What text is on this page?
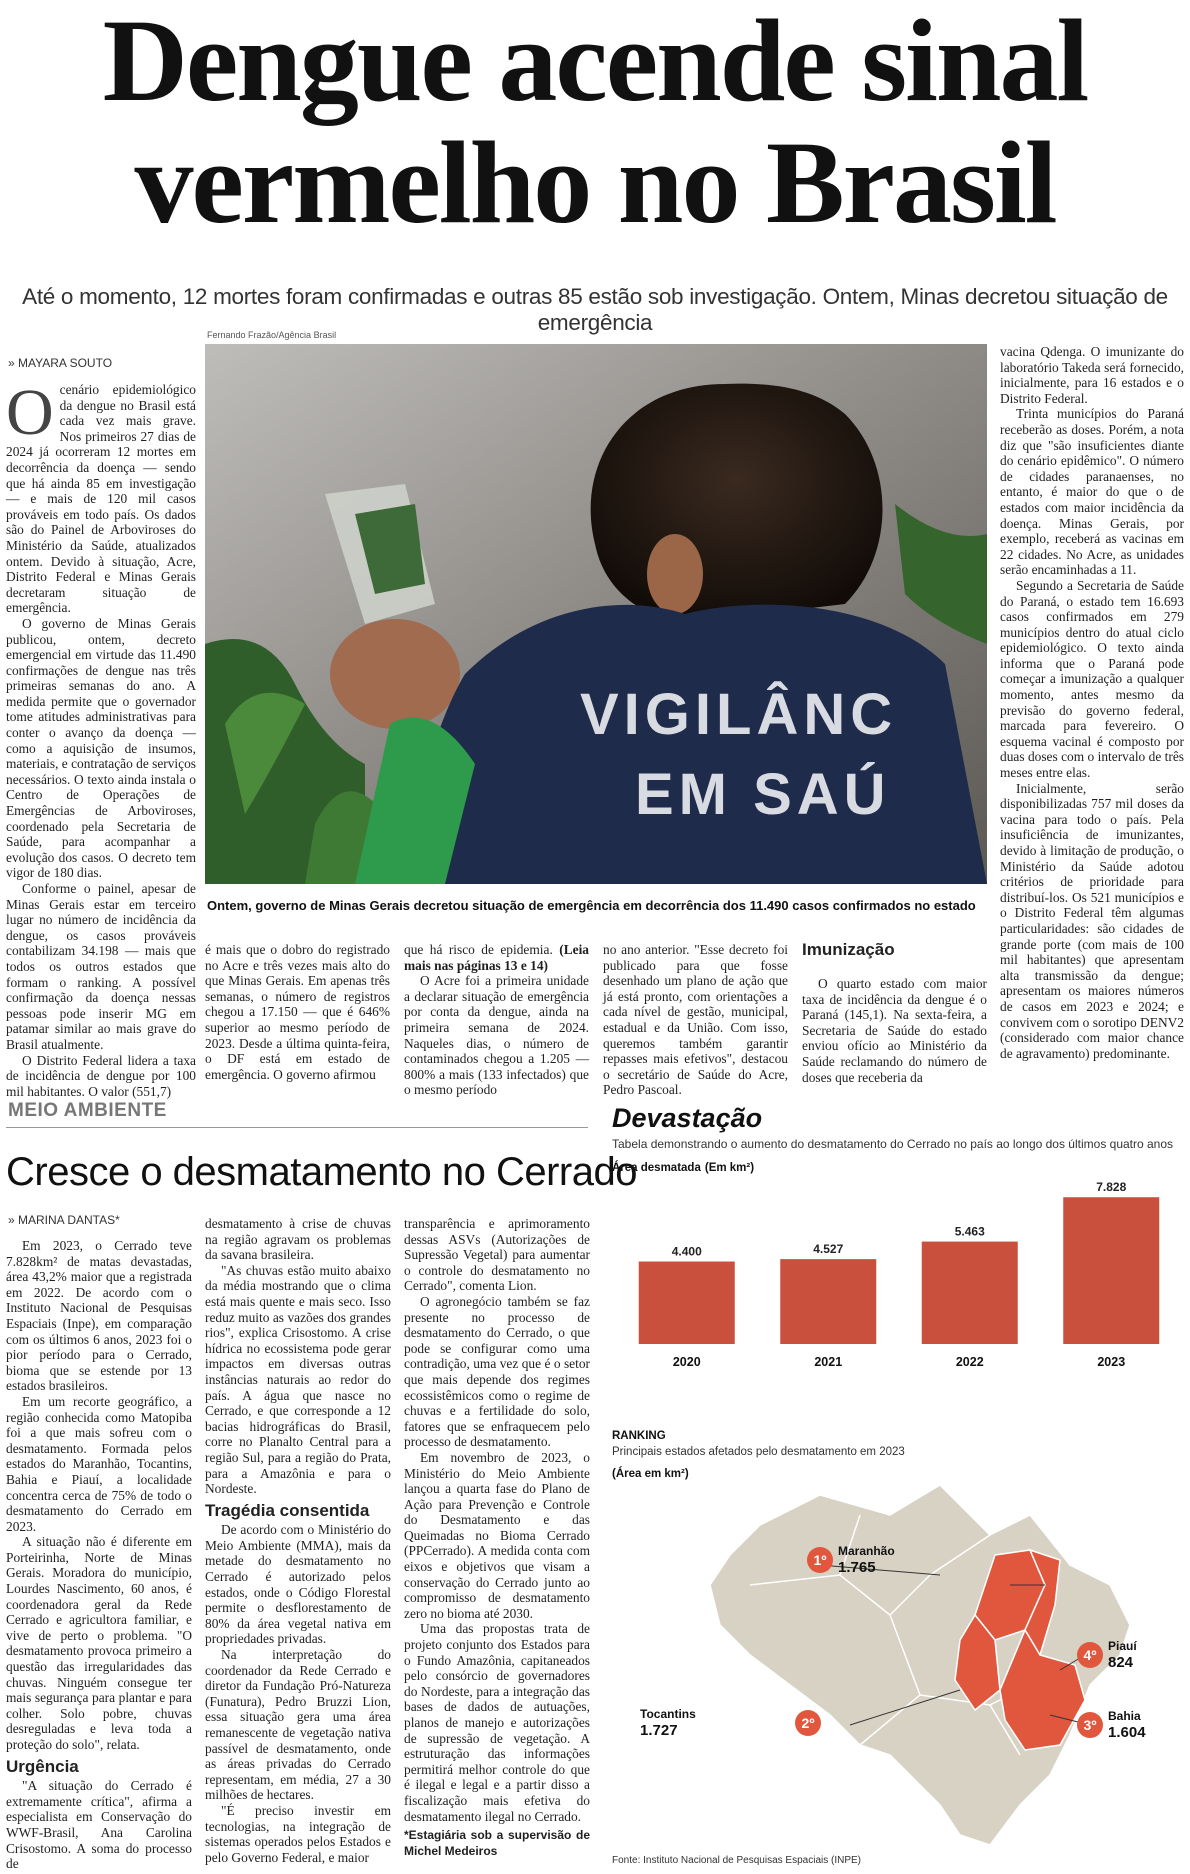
Dengue acende sinal
vermelho no Brasil
Até o momento, 12 mortes foram confirmadas e outras 85 estão sob investigação. Ontem, Minas decretou situação de emergência
» MAYARA SOUTO
O cenário epidemiológico da dengue no Brasil está cada vez mais grave. Nos primeiros 27 dias de 2024 já ocorreram 12 mortes em decorrência da doença — sendo que há ainda 85 em investigação — e mais de 120 mil casos prováveis em todo país. Os dados são do Painel de Arboviroses do Ministério da Saúde, atualizados ontem. Devido à situação, Acre, Distrito Federal e Minas Gerais decretaram situação de emergência.

O governo de Minas Gerais publicou, ontem, decreto emergencial em virtude das 11.490 confirmações de dengue nas três primeiras semanas do ano. A medida permite que o governador tome atitudes administrativas para conter o avanço da doença — como a aquisição de insumos, materiais, e contratação de serviços necessários. O texto ainda instala o Centro de Operações de Emergências de Arboviroses, coordenado pela Secretaria de Saúde, para acompanhar a evolução dos casos. O decreto tem vigor de 180 dias.

Conforme o painel, apesar de Minas Gerais estar em terceiro lugar no número de incidência da dengue, os casos prováveis contabilizam 34.198 — mais que todos os outros estados que formam o ranking. A possível confirmação da doença nessas pessoas pode inserir MG em patamar similar ao mais grave do Brasil atualmente.

O Distrito Federal lidera a taxa de incidência de dengue por 100 mil habitantes. O valor (551,7)

Fernando Frazão/Agência Brasil
VIGILÂNC
EM SAÚ
Ontem, governo de Minas Gerais decretou situação de emergência em decorrência dos 11.490 casos confirmados no estado

é mais que o dobro do registrado no Acre e três vezes mais alto do que Minas Gerais. Em apenas três semanas, o número de registros chegou a 17.150 — que é 646% superior ao mesmo período de 2023. Desde a última quinta-feira, o DF está em estado de emergência. O governo afirmou

que há risco de epidemia. (Leia mais nas páginas 13 e 14)

O Acre foi a primeira unidade a declarar situação de emergência por conta da dengue, ainda na primeira semana de 2024. Naqueles dias, o número de contaminados chegou a 1.205 — 800% a mais (133 infectados) que o mesmo período

no ano anterior. "Esse decreto foi publicado para que fosse desenhado um plano de ação que já está pronto, com orientações a cada nível de gestão, municipal, estadual e da União. Com isso, queremos também garantir repasses mais efetivos", destacou o secretário de Saúde do Acre, Pedro Pascoal.

Imunização

O quarto estado com maior taxa de incidência da dengue é o Paraná (145,1). Na sexta-feira, a Secretaria de Saúde do estado enviou ofício ao Ministério da Saúde reclamando do número de doses que receberia da

vacina Qdenga. O imunizante do laboratório Takeda será fornecido, inicialmente, para 16 estados e o Distrito Federal.

Trinta municípios do Paraná receberão as doses. Porém, a nota diz que "são insuficientes diante do cenário epidêmico". O número de cidades paranaenses, no entanto, é maior do que o de estados com maior incidência da doença. Minas Gerais, por exemplo, receberá as vacinas em 22 cidades. No Acre, as unidades serão encaminhadas a 11.

Segundo a Secretaria de Saúde do Paraná, o estado tem 16.693 casos confirmados em 279 municípios dentro do atual ciclo epidemiológico. O texto ainda informa que o Paraná pode começar a imunização a qualquer momento, antes mesmo da previsão do governo federal, marcada para fevereiro. O esquema vacinal é composto por duas doses com o intervalo de três meses entre elas.

Inicialmente, serão disponibilizadas 757 mil doses da vacina para todo o país. Pela insuficiência de imunizantes, devido à limitação de produção, o Ministério da Saúde adotou critérios de prioridade para distribuí-los. Os 521 municípios e o Distrito Federal têm algumas particularidades: são cidades de grande porte (com mais de 100 mil habitantes) que apresentam alta transmissão da dengue; apresentam os maiores números de casos em 2023 e 2024; e convivem com o sorotipo DENV2 (considerado com maior chance de agravamento) predominante.

MEIO AMBIENTE
Cresce o desmatamento no Cerrado
» MARINA DANTAS*

Em 2023, o Cerrado teve 7.828km² de matas devastadas, área 43,2% maior que a registrada em 2022. De acordo com o Instituto Nacional de Pesquisas Espaciais (Inpe), em comparação com os últimos 6 anos, 2023 foi o pior período para o Cerrado, bioma que se estende por 13 estados brasileiros.

Em um recorte geográfico, a região conhecida como Matopiba foi a que mais sofreu com o desmatamento. Formada pelos estados do Maranhão, Tocantins, Bahia e Piauí, a localidade concentra cerca de 75% de todo o desmatamento do Cerrado em 2023.

A situação não é diferente em Porteirinha, Norte de Minas Gerais. Moradora do município, Lourdes Nascimento, 60 anos, é coordenadora geral da Rede Cerrado e agricultora familiar, e vive de perto o problema. "O desmatamento provoca primeiro a questão das irregularidades das chuvas. Ninguém consegue ter mais segurança para plantar e para colher. Solo pobre, chuvas desreguladas e leva toda a proteção do solo", relata.

Urgência

"A situação do Cerrado é extremamente crítica", afirma a especialista em Conservação do WWF-Brasil, Ana Carolina Crisostomo. A soma do processo de

desmatamento à crise de chuvas na região agravam os problemas da savana brasileira.

"As chuvas estão muito abaixo da média mostrando que o clima está mais quente e mais seco. Isso reduz muito as vazões dos grandes rios", explica Crisostomo. A crise hídrica no ecossistema pode gerar impactos em diversas outras instâncias naturais ao redor do país. A água que nasce no Cerrado, e que corresponde a 12 bacias hidrográficas do Brasil, corre no Planalto Central para a região Sul, para a região do Prata, para a Amazônia e para o Nordeste.

Tragédia consentida

De acordo com o Ministério do Meio Ambiente (MMA), mais da metade do desmatamento no Cerrado é autorizado pelos estados, onde o Código Florestal permite o desflorestamento de 80% da área vegetal nativa em propriedades privadas.

Na interpretação do coordenador da Rede Cerrado e diretor da Fundação Pró-Natureza (Funatura), Pedro Bruzzi Lion, essa situação gera uma área remanescente de vegetação nativa passível de desmatamento, onde as áreas privadas do Cerrado representam, em média, 27 a 30 milhões de hectares.

"É preciso investir em tecnologias, na integração de sistemas operados pelos Estados e pelo Governo Federal, e maior

transparência e aprimoramento dessas ASVs (Autorizações de Supressão Vegetal) para aumentar o controle do desmatamento no Cerrado", comenta Lion.

O agronegócio também se faz presente no processo de desmatamento do Cerrado, o que pode se configurar como uma contradição, uma vez que é o setor que mais depende dos regimes ecossistêmicos como o regime de chuvas e a fertilidade do solo, fatores que se enfraquecem pelo processo de desmatamento.

Em novembro de 2023, o Ministério do Meio Ambiente lançou a quarta fase do Plano de Ação para Prevenção e Controle do Desmatamento e das Queimadas no Bioma Cerrado (PPCerrado). A medida conta com eixos e objetivos que visam a conservação do Cerrado junto ao compromisso de desmatamento zero no bioma até 2030.

Uma das propostas trata de projeto conjunto dos Estados para o Fundo Amazônia, capitaneados pelo consórcio de governadores do Nordeste, para a integração das bases de dados de autuações, planos de manejo e autorizações de supressão de vegetação. A estruturação das informações permitirá melhor controle do que é ilegal e legal e a partir disso a fiscalização mais efetiva do desmatamento ilegal no Cerrado.

*Estagiária sob a supervisão de Michel Medeiros

Devastação
Tabela demonstrando o aumento do desmatamento do Cerrado no país ao longo dos últimos quatro anos
Área desmatada (Em km²)
4.400
2020
4.527
2021
5.463
2022
7.828
2023
RANKING
Principais estados afetados pelo desmatamento em 2023
(Área em km²)
1º
Maranhão
1.765
2º
Tocantins
1.727	3º
Bahia
1.604
4º
Piauí
824
Fonte: Instituto Nacional de Pesquisas Espaciais (INPE)
